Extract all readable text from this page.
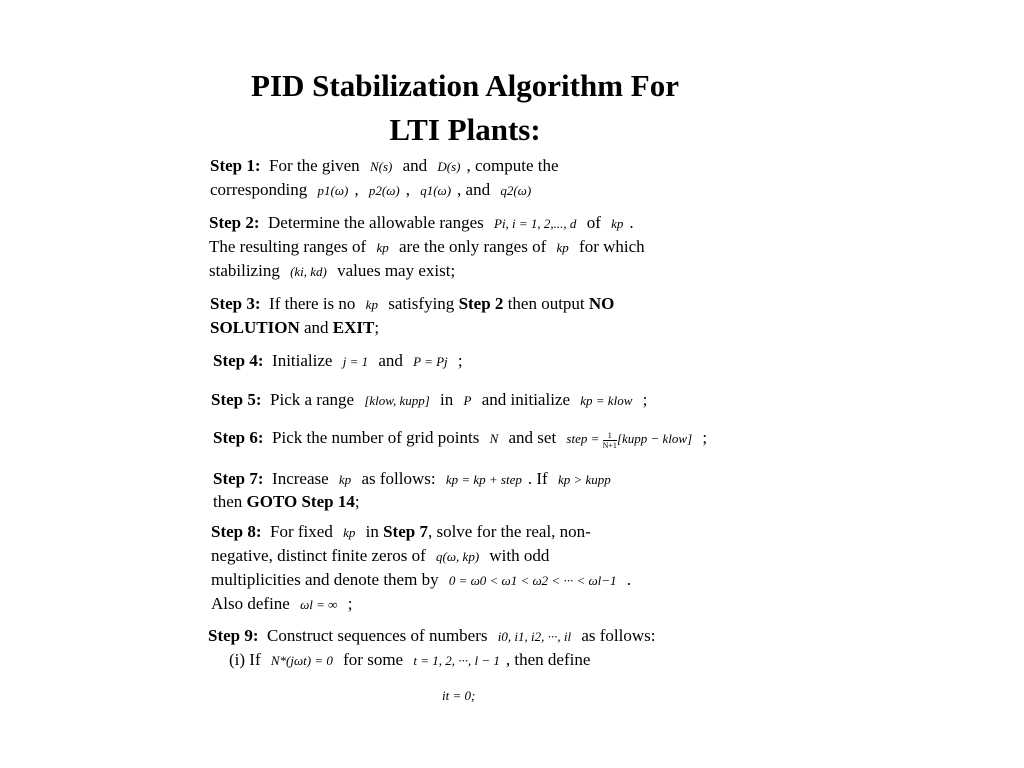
PID Stabilization Algorithm For
LTI Plants:
Step 1: For the given N(s) and D(s) , compute the
corresponding p1(ω) , p2(ω) , q1(ω) , and q2(ω)
Step 2: Determine the allowable ranges Pi, i = 1, 2,..., d of kp .
The resulting ranges of kp are the only ranges of kp for which
stabilizing (ki, kd) values may exist;
Step 3: If there is no kp satisfying Step 2 then output NO
SOLUTION and EXIT;
Step 4: Initialize j = 1 and P = Pj ;
Step 5: Pick a range [klow, kupp] in P and initialize kp = klow ;
Step 6: Pick the number of grid points N and set step = $\frac{1}{N+1}$ [kupp − klow] ;
Step 7: Increase kp as follows: kp = kp + step . If kp > kupp
then GOTO Step 14;
Step 8: For fixed kp in Step 7, solve for the real, non-
negative, distinct finite zeros of q(ω, kp) with odd
multiplicities and denote them by 0 = ω0 < ω1 < ω2 < ··· < ωl−1 .
Also define ωl = ∞ ;
Step 9: Construct sequences of numbers i0, i1, i2, ···, il as follows:
(i) If N*(jωt) = 0 for some t = 1, 2, ···, l − 1 , then define
it = 0;
